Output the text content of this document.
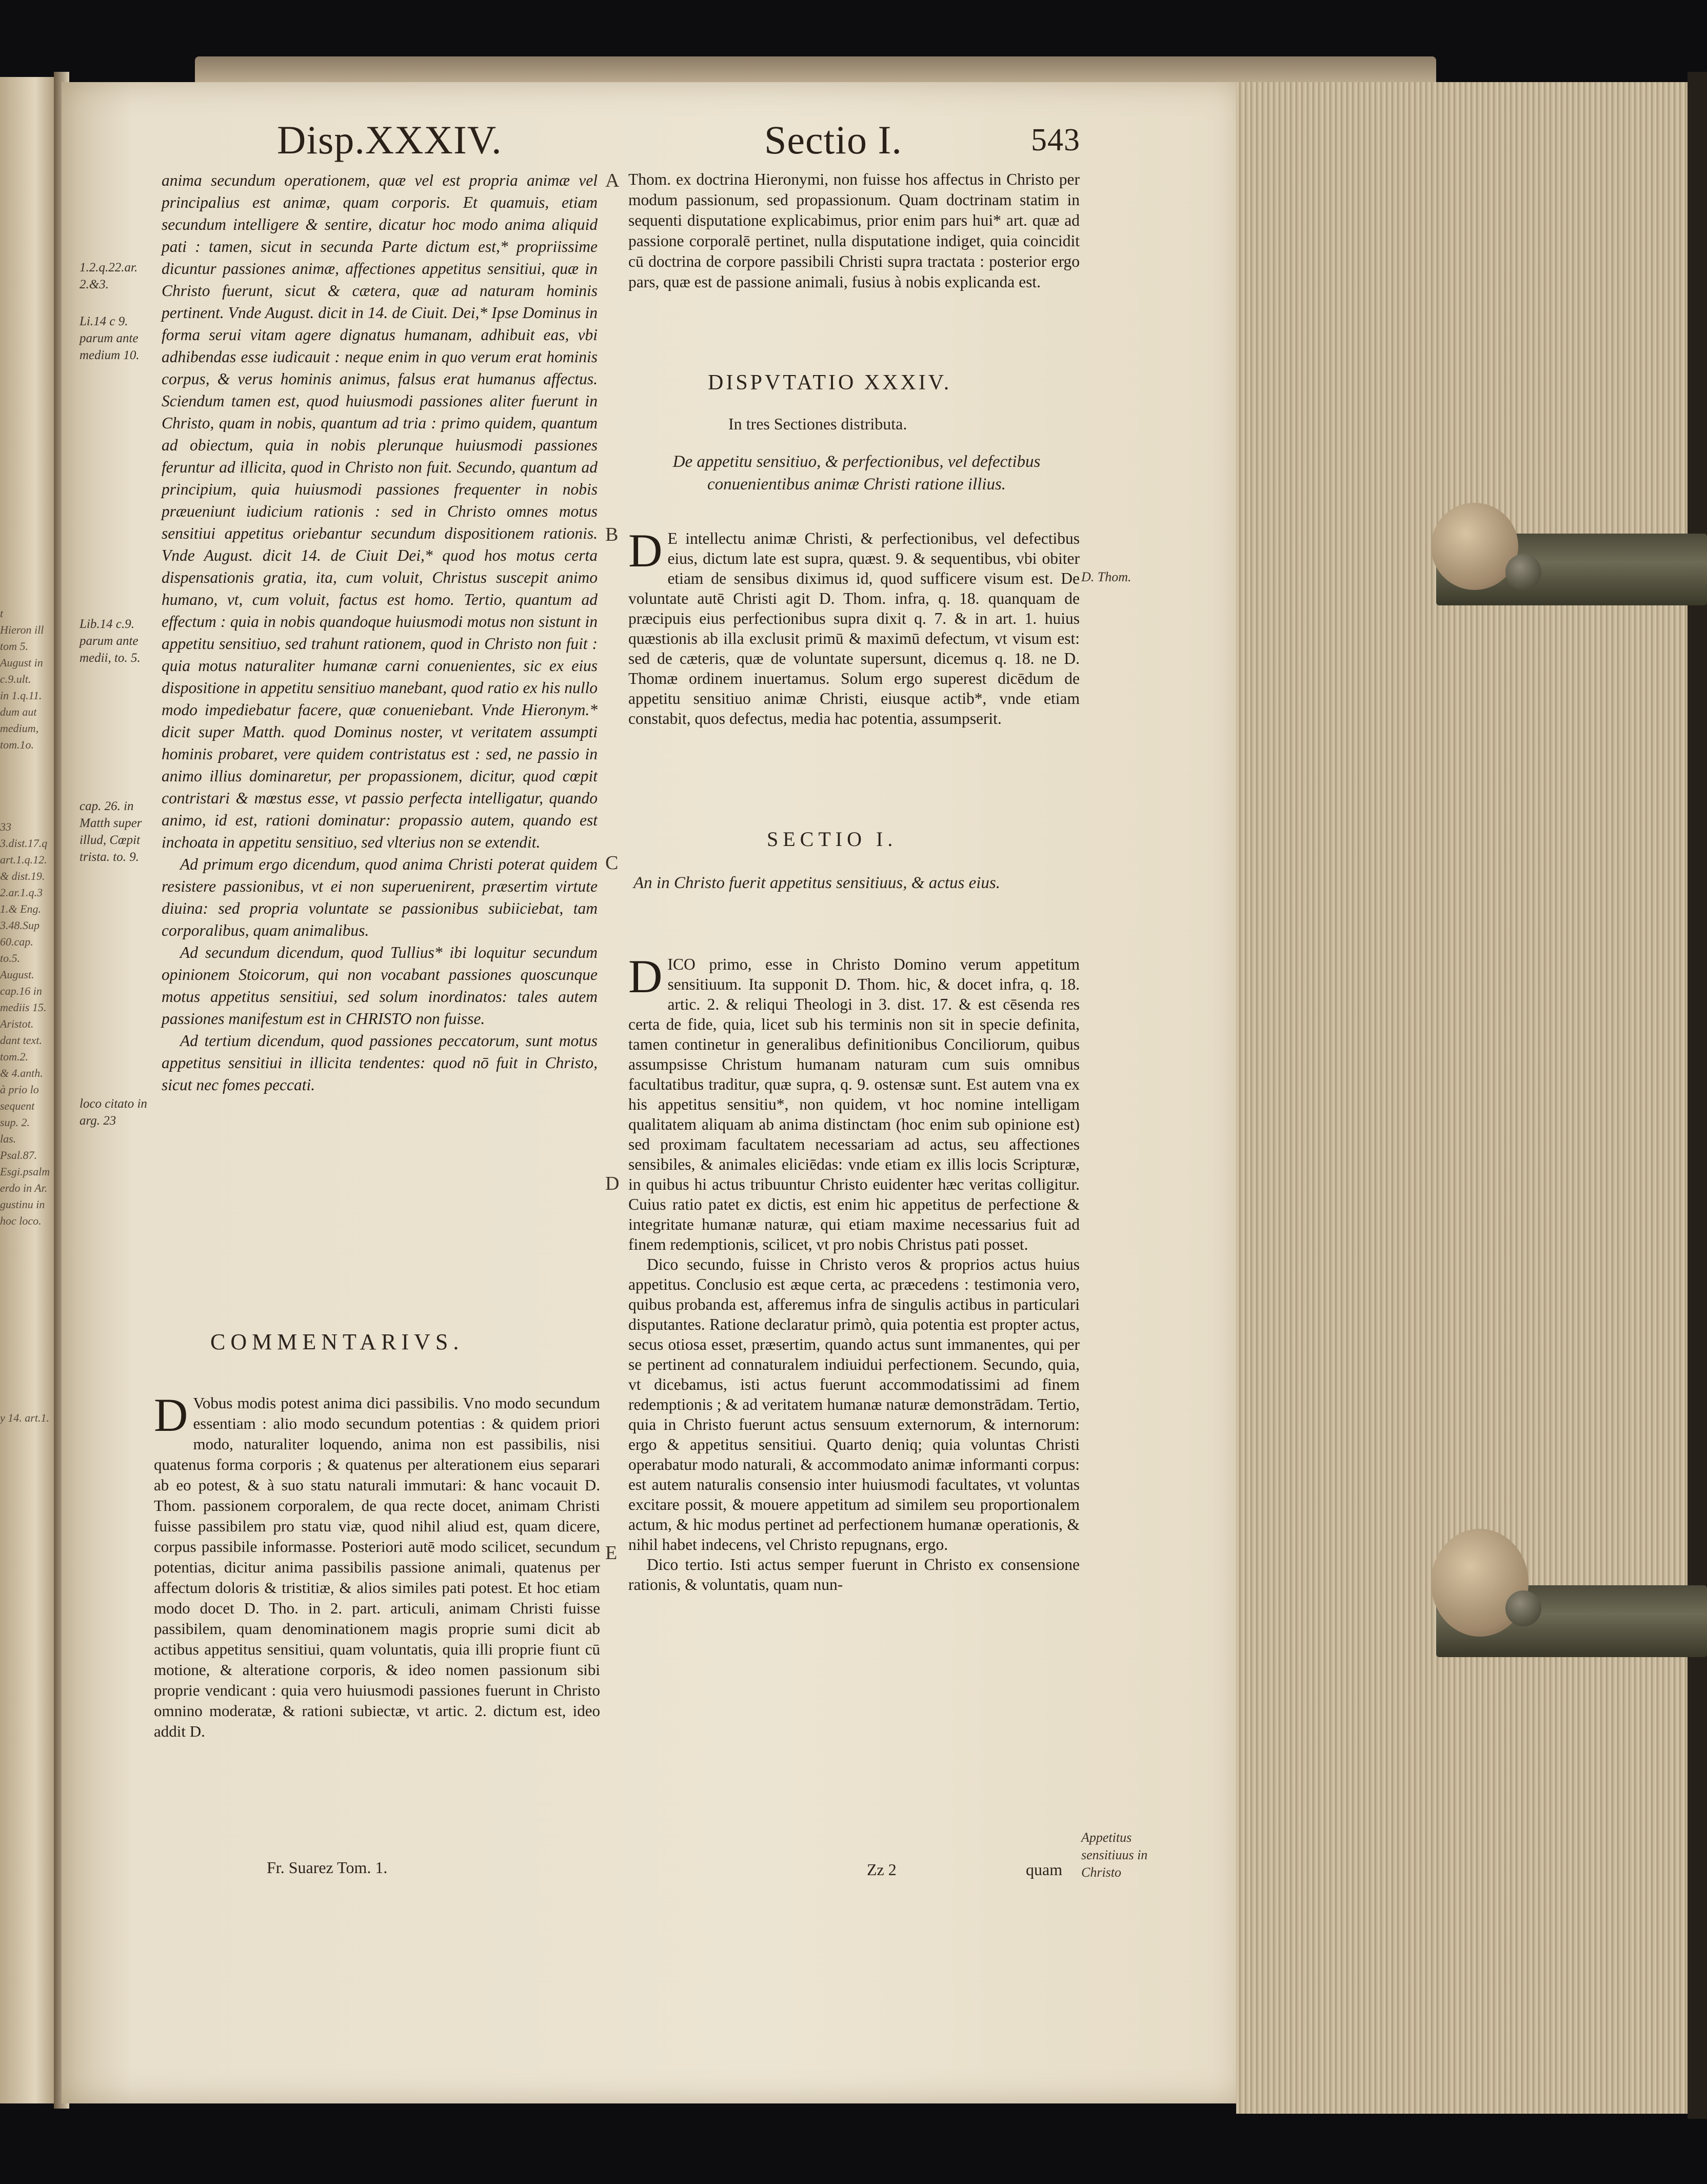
t
Hieron ill
tom 5.
August in
c.9.ult.
in 1.q.11.
dum aut
medium,
tom.1o.

33
3.dist.17.q
art.1.q.12.
& dist.19.
2.ar.1.q.3
1.& Eng.
3.48.Sup
60.cap.
to.5.
August.
cap.16 in
mediis 15.
Aristot.
dant text.
tom.2.
& 4.anth.
à prio lo
sequent
sup. 2.
las.
Psal.87.
Esgi.psalm
erdo in Ar.
gustinu in
hoc loco.

y 14. art.1.
Disp.XXXIV.	Sectio I.	543
A
B
C
D
E
1.2.q.22.ar. 2.&3.
Li.14 c 9. parum ante medium 10.
Lib.14 c.9. parum ante medii, to. 5.
cap. 26. in Matth super illud, Cœpit trista. to. 9.
loco citato in arg. 23

anima secundum operationem, quæ vel est propria animæ vel principalius est animæ, quam corporis. Et quamuis, etiam secundum intelligere & sentire, dicatur hoc modo anima aliquid pati : tamen, sicut in secunda Parte dictum est,* propriissime dicuntur passiones animæ, affectiones appetitus sensitiui, quæ in Christo fuerunt, sicut & cætera, quæ ad naturam hominis pertinent. Vnde August. dicit in 14. de Ciuit. Dei,* Ipse Dominus in forma serui vitam agere dignatus humanam, adhibuit eas, vbi adhibendas esse iudicauit : neque enim in quo verum erat hominis corpus, & verus hominis animus, falsus erat humanus affectus. Sciendum tamen est, quod huiusmodi passiones aliter fuerunt in Christo, quam in nobis, quantum ad tria : primo quidem, quantum ad obiectum, quia in nobis plerunque huiusmodi passiones feruntur ad illicita, quod in Christo non fuit. Secundo, quantum ad principium, quia huiusmodi passiones frequenter in nobis præueniunt iudicium rationis : sed in Christo omnes motus sensitiui appetitus oriebantur secundum dispositionem rationis. Vnde August. dicit 14. de Ciuit Dei,* quod hos motus certa dispensationis gratia, ita, cum voluit, Christus suscepit animo humano, vt, cum voluit, factus est homo. Tertio, quantum ad effectum : quia in nobis quandoque huiusmodi motus non sistunt in appetitu sensitiuo, sed trahunt rationem, quod in Christo non fuit : quia motus naturaliter humanæ carni conuenientes, sic ex eius dispositione in appetitu sensitiuo manebant, quod ratio ex his nullo modo impediebatur facere, quæ conueniebant. Vnde Hieronym.* dicit super Matth. quod Dominus noster, vt veritatem assumpti hominis probaret, vere quidem contristatus est : sed, ne passio in animo illius dominaretur, per propassionem, dicitur, quod cœpit contristari & mœstus esse, vt passio perfecta intelligatur, quando animo, id est, rationi dominatur: propassio autem, quando est inchoata in appetitu sensitiuo, sed vlterius non se extendit.

Ad primum ergo dicendum, quod anima Christi poterat quidem resistere passionibus, vt ei non superuenirent, præsertim virtute diuina: sed propria voluntate se passionibus subiiciebat, tam corporalibus, quam animalibus.

Ad secundum dicendum, quod Tullius* ibi loquitur secundum opinionem Stoicorum, qui non vocabant passiones quoscunque motus appetitus sensitiui, sed solum inordinatos: tales autem passiones manifestum est in CHRISTO non fuisse.

Ad tertium dicendum, quod passiones peccatorum, sunt motus appetitus sensitiui in illicita tendentes: quod nō fuit in Christo, sicut nec fomes peccati.

COMMENTARIVS.
D Vobus modis potest anima dici passibilis. Vno modo secundum essentiam : alio modo secundum potentias : & quidem priori modo, naturaliter loquendo, anima non est passibilis, nisi quatenus forma corporis ; & quatenus per alterationem eius separari ab eo potest, & à suo statu naturali immutari: & hanc vocauit D. Thom. passionem corporalem, de qua recte docet, animam Christi fuisse passibilem pro statu viæ, quod nihil aliud est, quam dicere, corpus passibile informasse. Posteriori autē modo scilicet, secundum potentias, dicitur anima passibilis passione animali, quatenus per affectum doloris & tristitiæ, & alios similes pati potest. Et hoc etiam modo docet D. Tho. in 2. part. articuli, animam Christi fuisse passibilem, quam denominationem magis proprie sumi dicit ab actibus appetitus sensitiui, quam voluntatis, quia illi proprie fiunt cū motione, & alteratione corporis, & ideo nomen passionum sibi proprie vendicant : quia vero huiusmodi passiones fuerunt in Christo omnino moderatæ, & rationi subiectæ, vt artic. 2. dictum est, ideo addit D.
Fr. Suarez Tom. 1.
Thom. ex doctrina Hieronymi, non fuisse hos affectus in Christo per modum passionum, sed propassionum. Quam doctrinam statim in sequenti disputatione explicabimus, prior enim pars hui* art. quæ ad passione corporalē pertinet, nulla disputatione indiget, quia coincidit cū doctrina de corpore passibili Christi supra tractata : posterior ergo pars, quæ est de passione animali, fusius à nobis explicanda est.
DISPVTATIO XXXIV.
In tres Sectiones distributa.
De appetitu sensitiuo, & perfectionibus, vel defectibus conuenientibus animæ Christi ratione illius.
D E intellectu animæ Christi, & perfectionibus, vel defectibus eius, dictum late est supra, quæst. 9. & sequentibus, vbi obiter etiam de sensibus diximus id, quod sufficere visum est. De voluntate autē Christi agit D. Thom. infra, q. 18. quanquam de præcipuis eius perfectionibus supra dixit q. 7. & in art. 1. huius quæstionis ab illa exclusit primū & maximū defectum, vt visum est: sed de cæteris, quæ de voluntate supersunt, dicemus q. 18. ne D. Thomæ ordinem inuertamus. Solum ergo superest dicēdum de appetitu sensitiuo animæ Christi, eiusque actib*, vnde etiam constabit, quos defectus, media hac potentia, assumpserit.
SECTIO I.
An in Christo fuerit appetitus sensitiuus, & actus eius.

D ICO primo, esse in Christo Domino verum appetitum sensitiuum. Ita supponit D. Thom. hic, & docet infra, q. 18. artic. 2. & reliqui Theologi in 3. dist. 17. & est cēsenda res certa de fide, quia, licet sub his terminis non sit in specie definita, tamen continetur in generalibus definitionibus Conciliorum, quibus assumpsisse Christum humanam naturam cum suis omnibus facultatibus traditur, quæ supra, q. 9. ostensæ sunt. Est autem vna ex his appetitus sensitiu*, non quidem, vt hoc nomine intelligam qualitatem aliquam ab anima distinctam (hoc enim sub opinione est) sed proximam facultatem necessariam ad actus, seu affectiones sensibiles, & animales eliciēdas: vnde etiam ex illis locis Scripturæ, in quibus hi actus tribuuntur Christo euidenter hæc veritas colligitur. Cuius ratio patet ex dictis, est enim hic appetitus de perfectione & integritate humanæ naturæ, qui etiam maxime necessarius fuit ad finem redemptionis, scilicet, vt pro nobis Christus pati posset.

Dico secundo, fuisse in Christo veros & proprios actus huius appetitus. Conclusio est æque certa, ac præcedens : testimonia vero, quibus probanda est, afferemus infra de singulis actibus in particulari disputantes. Ratione declaratur primò, quia potentia est propter actus, secus otiosa esset, præsertim, quando actus sunt immanentes, qui per se pertinent ad connaturalem indiuidui perfectionem. Secundo, quia, vt dicebamus, isti actus fuerunt accommodatissimi ad finem redemptionis ; & ad veritatem humanæ naturæ demonstrādam. Tertio, quia in Christo fuerunt actus sensuum externorum, & internorum: ergo & appetitus sensitiui. Quarto deniq; quia voluntas Christi operabatur modo naturali, & accommodato animæ informanti corpus: est autem naturalis consensio inter huiusmodi facultates, vt voluntas excitare possit, & mouere appetitum ad similem seu proportionalem actum, & hic modus pertinet ad perfectionem humanæ operationis, & nihil habet indecens, vel Christo repugnans, ergo.

Dico tertio. Isti actus semper fuerunt in Christo ex consensione rationis, & voluntatis, quam nun-

D. Thom.
Appetitus sensitiuus in Christo
Zz 2	quam
